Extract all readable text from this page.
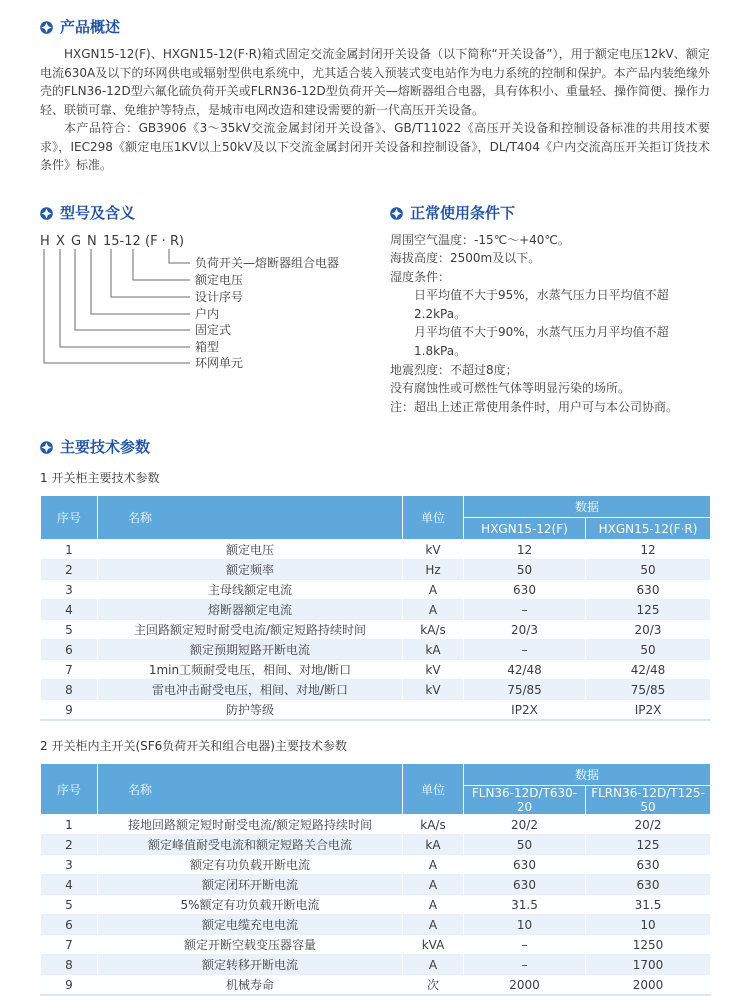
产品概述

HXGN15-12(F)、HXGN15-12(F·R)箱式固定交流金属封闭开关设备（以下简称“开关设备”），用于额定电压12kV、额定电流630A及以下的环网供电或辐射型供电系统中，尤其适合装入预装式变电站作为电力系统的控制和保护。本产品内装绝缘外壳的FLN36-12D型六氟化硫负荷开关或FLRN36-12D型负荷开关—熔断器组合电器，具有体积小、重量轻、操作简便、操作力轻、联锁可靠、免维护等特点，是城市电网改造和建设需要的新一代高压开关设备。

本产品符合：GB3906《3～35kV交流金属封闭开关设备》、GB/T11022《高压开关设备和控制设备标准的共用技术要求》，IEC298《额定电压1KV以上50kV及以下交流金属封闭开关设备和控制设备》，DL/T404《户内交流高压开关拒订货技术条件》标准。

型号及含义
H X G N 15-12 (F · R)
负荷开关—熔断器组合电器
额定电压
设计序号
户内
固定式
箱型
环网单元
正常使用条件下
周围空气温度：-15℃～+40℃。
海拔高度：2500m及以下。
湿度条件：
日平均值不大于95%，水蒸气压力日平均值不超2.2kPa。
月平均值不大于90%，水蒸气压力月平均值不超1.8kPa。
地震烈度：不超过8度；
没有腐蚀性或可燃性气体等明显污染的场所。
注：超出上述正常使用条件时，用户可与本公司协商。
主要技术参数
1 开关柜主要技术参数
序号	名称	单位	数据	
			HXGN15-12(F)	HXGN15-12(F·R)
1	额定电压	kV	12	12
2	额定频率	Hz	50	50
3	主母线额定电流	A	630	630
4	熔断器额定电流	A	–	125
5	主回路额定短时耐受电流/额定短路持续时间	kA/s	20/3	20/3
6	额定预期短路开断电流	kA	–	50
7	1min工频耐受电压，相间、对地/断口	kV	42/48	42/48
8	雷电冲击耐受电压，相间、对地/断口	kV	75/85	75/85
9	防护等级		IP2X	IP2X
2 开关柜内主开关(SF6负荷开关和组合电器)主要技术参数
序号	名称	单位	数据	
			FLN36-12D/T630-20	FLRN36-12D/T125-50
1	接地回路额定短时耐受电流/额定短路持续时间	kA/s	20/2	20/2
2	额定峰值耐受电流和额定短路关合电流	kA	50	125
3	额定有功负载开断电流	A	630	630
4	额定闭环开断电流	A	630	630
5	5%额定有功负载开断电流	A	31.5	31.5
6	额定电缆充电电流	A	10	10
7	额定开断空载变压器容量	kVA	–	1250
8	额定转移开断电流	A	–	1700
9	机械寿命	次	2000	2000
